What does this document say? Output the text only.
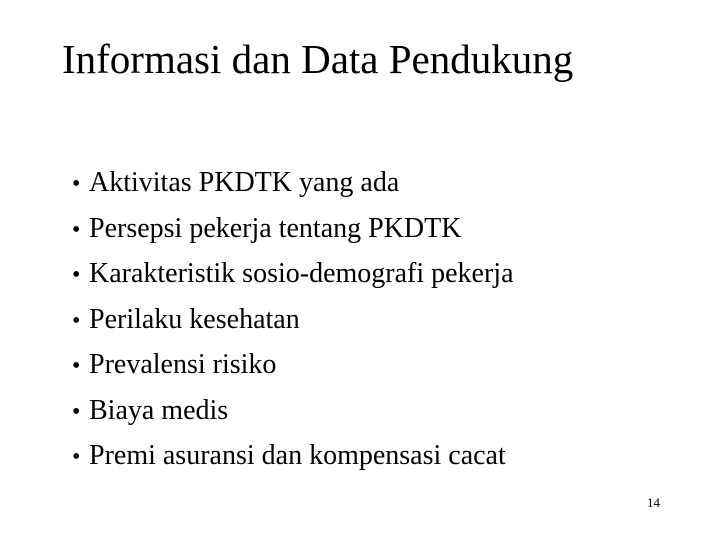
Informasi dan Data Pendukung
• Aktivitas PKDTK yang ada
• Persepsi pekerja tentang PKDTK
• Karakteristik sosio-demografi pekerja
• Perilaku kesehatan
• Prevalensi risiko
• Biaya medis
• Premi asuransi dan kompensasi cacat
14
